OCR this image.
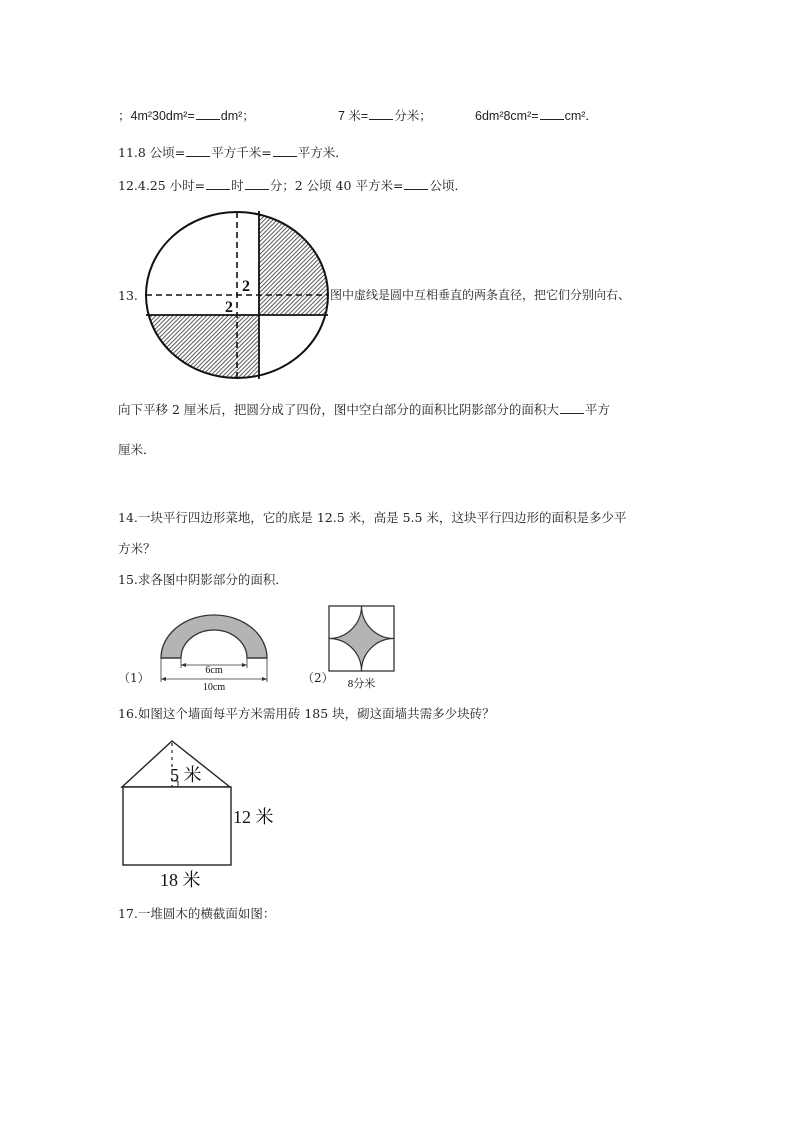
；4m²30dm²= dm²；	7 米= 分米；	6dm²8cm²= cm²．
11.8 公顷= 平方千米= 平方米．
12.4.25 小时= 时 分；2 公顷 40 平方米= 公顷．
13.
2
2
图中虚线是圆中互相垂直的两条直径，把它们分别向右、
向下平移 2 厘米后，把圆分成了四份，图中空白部分的面积比阴影部分的面积大 平方
厘米．
14.一块平行四边形菜地，它的底是 12.5 米，高是 5.5 米，这块平行四边形的面积是多少平
方米？
15.求各图中阴影部分的面积．
（1）
6cm
10cm
（2） 8分米
16.如图这个墙面每平方米需用砖 185 块，砌这面墙共需多少块砖？
5 米
12 米
18 米
17.一堆圆木的横截面如图：
